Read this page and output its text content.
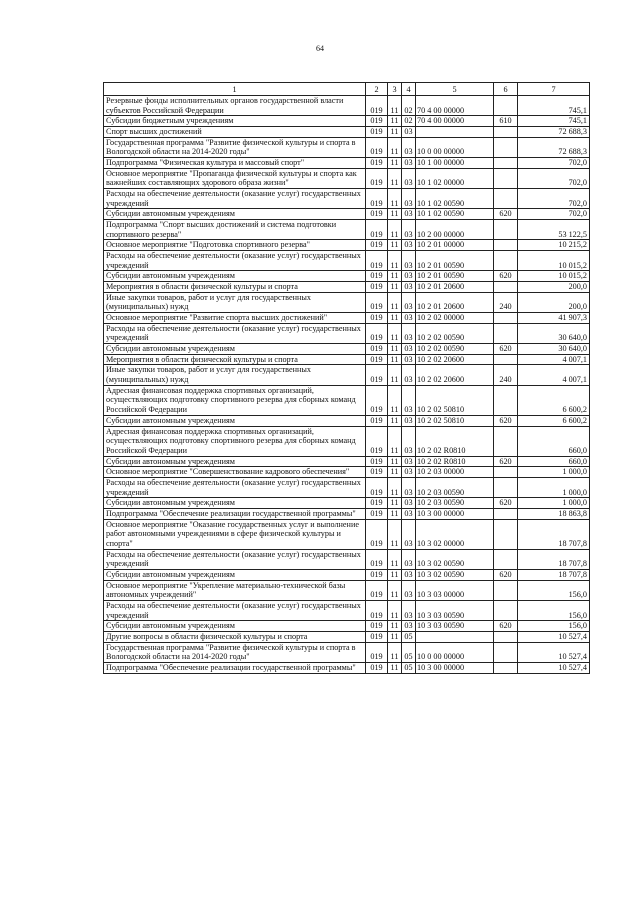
64
1	2	3	4	5	6	7
Резервные фонды исполнительных органов государственной власти субъектов Российской Федерации	019	11	02	70 4 00 00000		745,1
Субсидии бюджетным учреждениям	019	11	02	70 4 00 00000	610	745,1
Спорт высших достижений	019	11	03			72 688,3
Государственная программа "Развитие физической культуры и спорта в Вологодской области на 2014-2020 годы"	019	11	03	10 0 00 00000		72 688,3
Подпрограмма "Физическая культура и массовый спорт"	019	11	03	10 1 00 00000		702,0
Основное мероприятие "Пропаганда физической культуры и спорта как важнейших составляющих здорового образа жизни"	019	11	03	10 1 02 00000		702,0
Расходы на обеспечение деятельности (оказание услуг) государственных учреждений	019	11	03	10 1 02 00590		702,0
Субсидии автономным учреждениям	019	11	03	10 1 02 00590	620	702,0
Подпрограмма "Спорт высших достижений и система подготовки спортивного резерва"	019	11	03	10 2 00 00000		53 122,5
Основное мероприятие "Подготовка спортивного резерва"	019	11	03	10 2 01 00000		10 215,2
Расходы на обеспечение деятельности (оказание услуг) государственных учреждений	019	11	03	10 2 01 00590		10 015,2
Субсидии автономным учреждениям	019	11	03	10 2 01 00590	620	10 015,2
Мероприятия в области физической культуры и спорта	019	11	03	10 2 01 20600		200,0
Иные закупки товаров, работ и услуг для государственных (муниципальных) нужд	019	11	03	10 2 01 20600	240	200,0
Основное мероприятие "Развитие спорта высших достижений"	019	11	03	10 2 02 00000		41 907,3
Расходы на обеспечение деятельности (оказание услуг) государственных учреждений	019	11	03	10 2 02 00590		30 640,0
Субсидии автономным учреждениям	019	11	03	10 2 02 00590	620	30 640,0
Мероприятия в области физической культуры и спорта	019	11	03	10 2 02 20600		4 007,1
Иные закупки товаров, работ и услуг для государственных (муниципальных) нужд	019	11	03	10 2 02 20600	240	4 007,1
Адресная финансовая поддержка спортивных организаций, осуществляющих подготовку спортивного резерва для сборных команд Российской Федерации	019	11	03	10 2 02 50810		6 600,2
Субсидии автономным учреждениям	019	11	03	10 2 02 50810	620	6 600,2
Адресная финансовая поддержка спортивных организаций, осуществляющих подготовку спортивного резерва для сборных команд Российской Федерации	019	11	03	10 2 02 R0810		660,0
Субсидии автономным учреждениям	019	11	03	10 2 02 R0810	620	660,0
Основное мероприятие "Совершенствование кадрового обеспечения"	019	11	03	10 2 03 00000		1 000,0
Расходы на обеспечение деятельности (оказание услуг) государственных учреждений	019	11	03	10 2 03 00590		1 000,0
Субсидии автономным учреждениям	019	11	03	10 2 03 00590	620	1 000,0
Подпрограмма "Обеспечение реализации государственной программы"	019	11	03	10 3 00 00000		18 863,8
Основное мероприятие "Оказание государственных услуг и выполнение работ автономными учреждениями в сфере физической культуры и спорта"	019	11	03	10 3 02 00000		18 707,8
Расходы на обеспечение деятельности (оказание услуг) государственных учреждений	019	11	03	10 3 02 00590		18 707,8
Субсидии автономным учреждениям	019	11	03	10 3 02 00590	620	18 707,8
Основное мероприятие "Укрепление материально-технической базы автономных учреждений"	019	11	03	10 3 03 00000		156,0
Расходы на обеспечение деятельности (оказание услуг) государственных учреждений	019	11	03	10 3 03 00590		156,0
Субсидии автономным учреждениям	019	11	03	10 3 03 00590	620	156,0
Другие вопросы в области физической культуры и спорта	019	11	05			10 527,4
Государственная программа "Развитие физической культуры и спорта в Вологодской области на 2014-2020 годы"	019	11	05	10 0 00 00000		10 527,4
Подпрограмма "Обеспечение реализации государственной программы"	019	11	05	10 3 00 00000		10 527,4
